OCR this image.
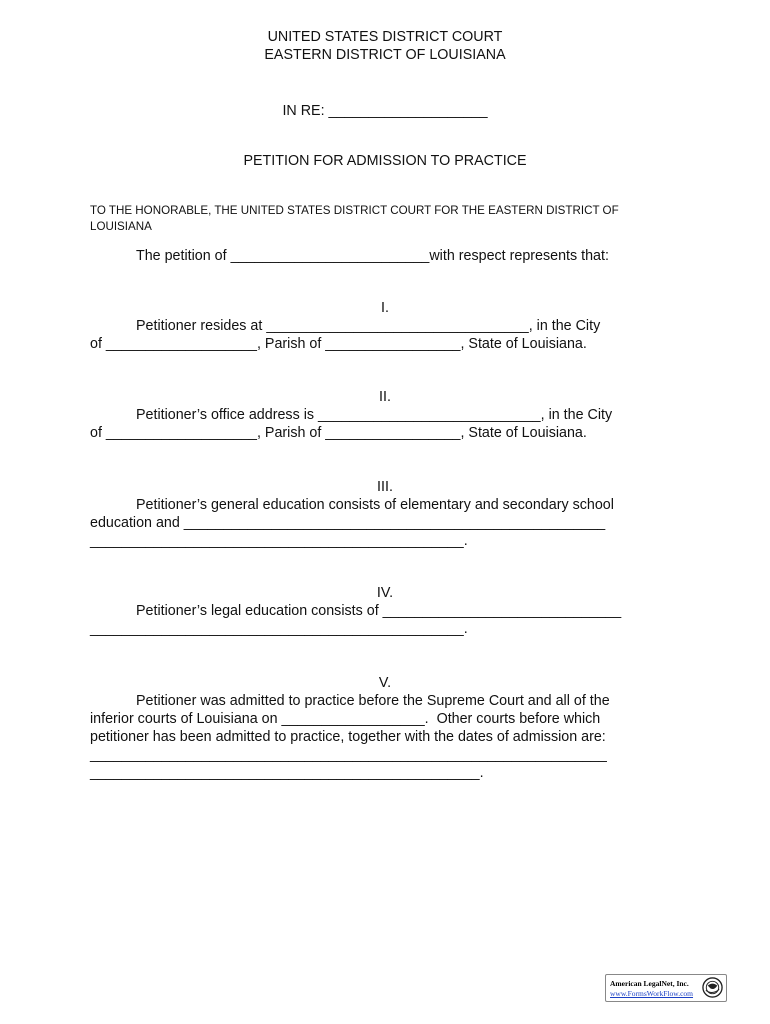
UNITED STATES DISTRICT COURT
EASTERN DISTRICT OF LOUISIANA
IN RE: ____________________
PETITION FOR ADMISSION TO PRACTICE
TO THE HONORABLE, THE UNITED STATES DISTRICT COURT FOR THE EASTERN DISTRICT OF
LOUISIANA
The petition of _________________________with respect represents that:
I.
Petitioner resides at _________________________________, in the City
of ___________________, Parish of _________________, State of Louisiana.
II.
Petitioner’s office address is ____________________________, in the City
of ___________________, Parish of _________________, State of Louisiana.
III.
Petitioner’s general education consists of elementary and secondary school
education and _____________________________________________________
_______________________________________________.
IV.
Petitioner’s legal education consists of ______________________________
_______________________________________________.
V.
Petitioner was admitted to practice before the Supreme Court and all of the
inferior courts of Louisiana on __________________.  Other courts before which
petitioner has been admitted to practice, together with the dates of admission are:
_________________________________________________________________
_________________________________________________.
American LegalNet, Inc.
www.FormsWorkFlow.com
